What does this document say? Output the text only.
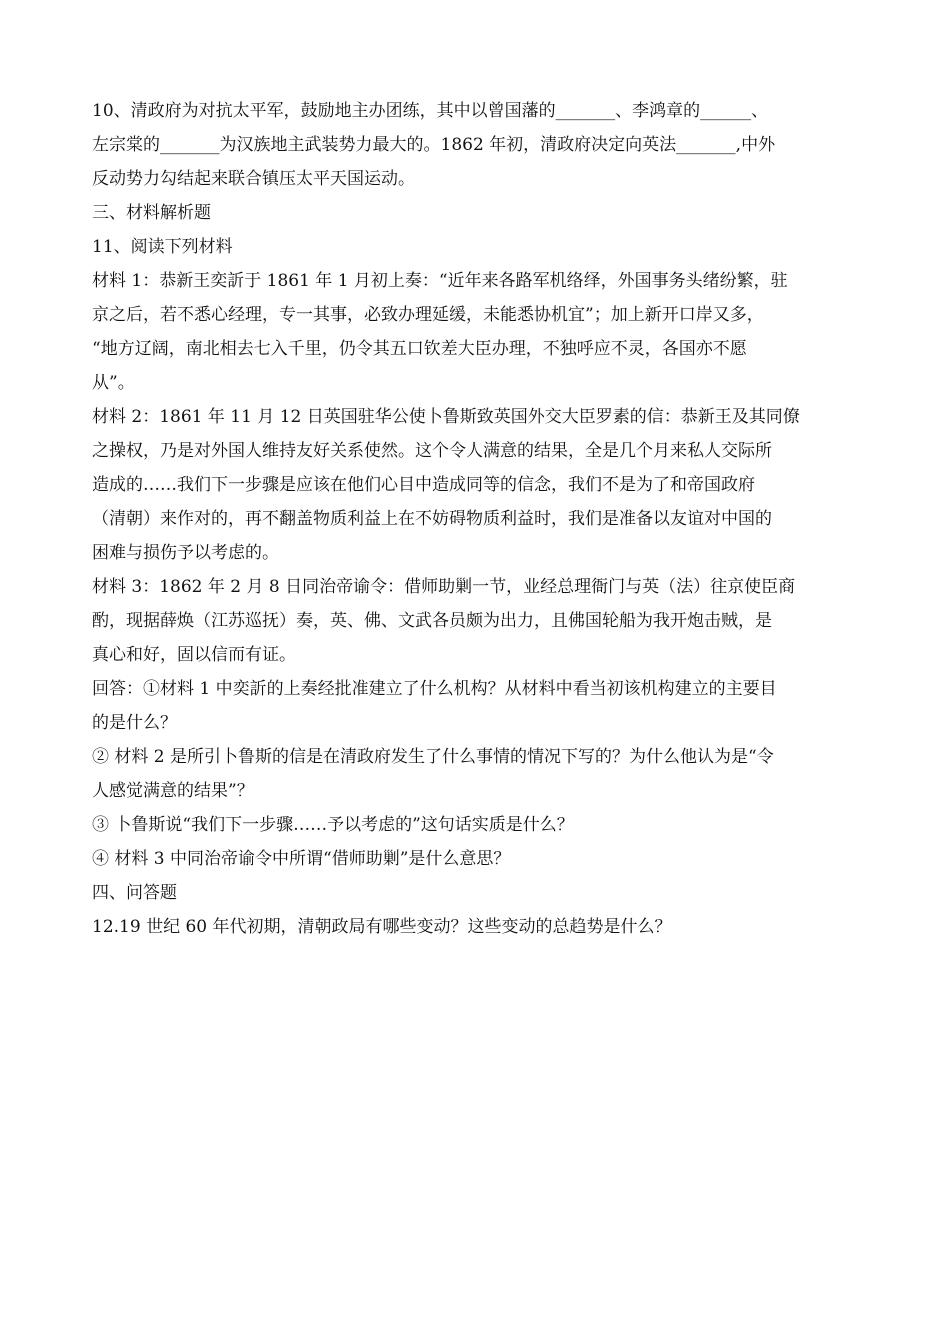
10、清政府为对抗太平军，鼓励地主办团练，其中以曾国藩的_______、李鸿章的______、
左宗棠的_______为汉族地主武装势力最大的。1862 年初，清政府决定向英法_______,中外
反动势力勾结起来联合镇压太平天国运动。
三、材料解析题
11、阅读下列材料
材料 1：恭新王奕訢于 1861 年 1 月初上奏：“近年来各路军机络绎，外国事务头绪纷繁，驻
京之后，若不悉心经理，专一其事，必致办理延缓，未能悉协机宜”；加上新开口岸又多，
“地方辽阔，南北相去七入千里，仍令其五口钦差大臣办理，不独呼应不灵，各国亦不愿
从”。
材料 2：1861 年 11 月 12 日英国驻华公使卜鲁斯致英国外交大臣罗素的信：恭新王及其同僚
之操权，乃是对外国人维持友好关系使然。这个令人满意的结果，全是几个月来私人交际所
造成的……我们下一步骤是应该在他们心目中造成同等的信念，我们不是为了和帝国政府
（清朝）来作对的，再不翻盖物质利益上在不妨碍物质利益时，我们是准备以友谊对中国的
困难与损伤予以考虑的。
材料 3：1862 年 2 月 8 日同治帝谕令：借师助剿一节，业经总理衙门与英（法）往京使臣商
酌，现据薛焕（江苏巡抚）奏，英、佛、文武各员颇为出力，且佛国轮船为我开炮击贼，是
真心和好，固以信而有证。
回答：①材料 1 中奕訢的上奏经批准建立了什么机构？从材料中看当初该机构建立的主要目
的是什么？
② 材料 2 是所引卜鲁斯的信是在清政府发生了什么事情的情况下写的？为什么他认为是“令
人感觉满意的结果”？
③ 卜鲁斯说“我们下一步骤……予以考虑的”这句话实质是什么？
④ 材料 3 中同治帝谕令中所谓“借师助剿”是什么意思？
四、问答题
12.19 世纪 60 年代初期，清朝政局有哪些变动？这些变动的总趋势是什么？
